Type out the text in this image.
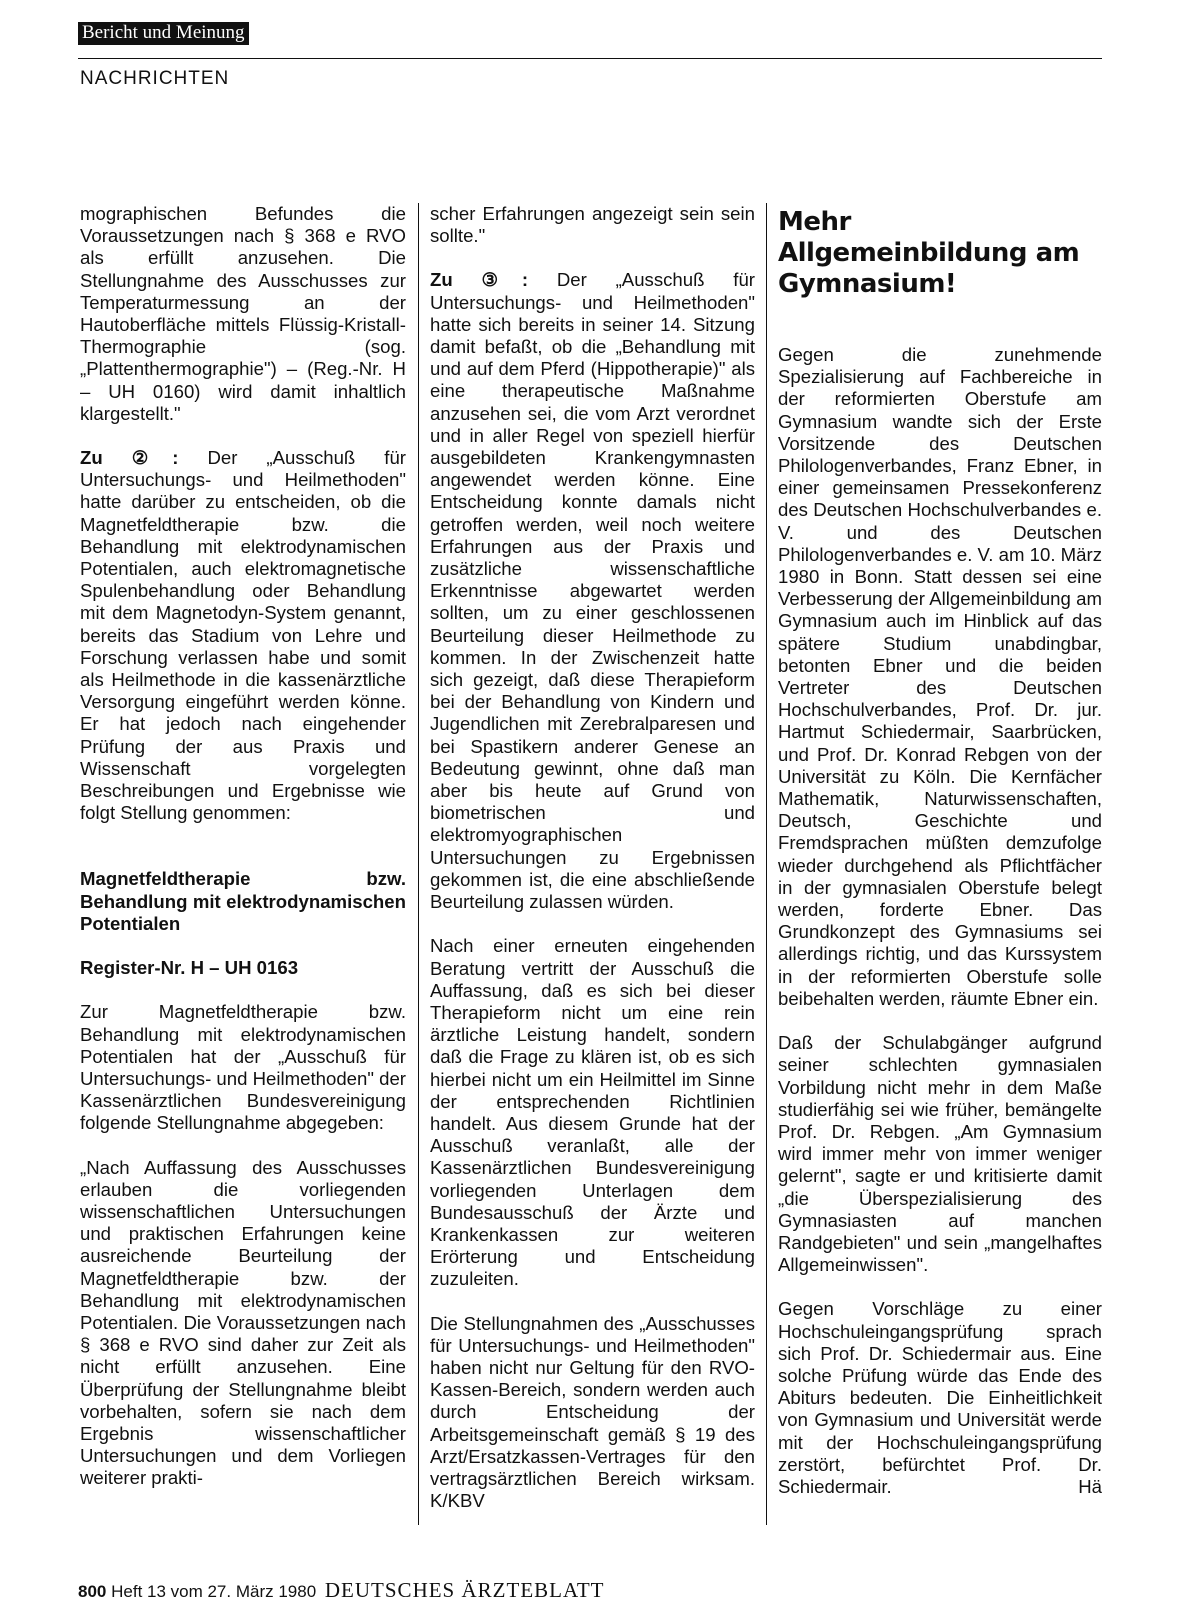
Bericht und Meinung
NACHRICHTEN

mographischen Befundes die Voraussetzungen nach § 368 e RVO als erfüllt anzusehen. Die Stellungnahme des Ausschusses zur Temperaturmessung an der Hautoberfläche mittels Flüssig-Kristall-Thermographie (sog. „Plattenthermographie") – (Reg.-Nr. H – UH 0160) wird damit inhaltlich klargestellt."

Zu ②: Der „Ausschuß für Untersuchungs- und Heilmethoden" hatte darüber zu entscheiden, ob die Magnetfeldtherapie bzw. die Behandlung mit elektrodynamischen Potentialen, auch elektromagnetische Spulenbehandlung oder Behandlung mit dem Magnetodyn-System genannt, bereits das Stadium von Lehre und Forschung verlassen habe und somit als Heilmethode in die kassenärztliche Versorgung eingeführt werden könne. Er hat jedoch nach eingehender Prüfung der aus Praxis und Wissenschaft vorgelegten Beschreibungen und Ergebnisse wie folgt Stellung genommen:

Magnetfeldtherapie bzw. Behandlung mit elektrodynamischen Potentialen

Register-Nr. H – UH 0163

Zur Magnetfeldtherapie bzw. Behandlung mit elektrodynamischen Potentialen hat der „Ausschuß für Untersuchungs- und Heilmethoden" der Kassenärztlichen Bundesvereinigung folgende Stellungnahme abgegeben:

„Nach Auffassung des Ausschusses erlauben die vorliegenden wissenschaftlichen Untersuchungen und praktischen Erfahrungen keine ausreichende Beurteilung der Magnetfeldtherapie bzw. der Behandlung mit elektrodynamischen Potentialen. Die Voraussetzungen nach § 368 e RVO sind daher zur Zeit als nicht erfüllt anzusehen. Eine Überprüfung der Stellungnahme bleibt vorbehalten, sofern sie nach dem Ergebnis wissenschaftlicher Untersuchungen und dem Vorliegen weiterer prakti-

scher Erfahrungen angezeigt sein sein sollte."

Zu ③: Der „Ausschuß für Untersuchungs- und Heilmethoden" hatte sich bereits in seiner 14. Sitzung damit befaßt, ob die „Behandlung mit und auf dem Pferd (Hippotherapie)" als eine therapeutische Maßnahme anzusehen sei, die vom Arzt verordnet und in aller Regel von speziell hierfür ausgebildeten Krankengymnasten angewendet werden könne. Eine Entscheidung konnte damals nicht getroffen werden, weil noch weitere Erfahrungen aus der Praxis und zusätzliche wissenschaftliche Erkenntnisse abgewartet werden sollten, um zu einer geschlossenen Beurteilung dieser Heilmethode zu kommen. In der Zwischenzeit hatte sich gezeigt, daß diese Therapieform bei der Behandlung von Kindern und Jugendlichen mit Zerebralparesen und bei Spastikern anderer Genese an Bedeutung gewinnt, ohne daß man aber bis heute auf Grund von biometrischen und elektromyographischen Untersuchungen zu Ergebnissen gekommen ist, die eine abschließende Beurteilung zulassen würden.

Nach einer erneuten eingehenden Beratung vertritt der Ausschuß die Auffassung, daß es sich bei dieser Therapieform nicht um eine rein ärztliche Leistung handelt, sondern daß die Frage zu klären ist, ob es sich hierbei nicht um ein Heilmittel im Sinne der entsprechenden Richtlinien handelt. Aus diesem Grunde hat der Ausschuß veranlaßt, alle der Kassenärztlichen Bundesvereinigung vorliegenden Unterlagen dem Bundesausschuß der Ärzte und Krankenkassen zur weiteren Erörterung und Entscheidung zuzuleiten.

Die Stellungnahmen des „Ausschusses für Untersuchungs- und Heilmethoden" haben nicht nur Geltung für den RVO-Kassen-Bereich, sondern werden auch durch Entscheidung der Arbeitsgemeinschaft gemäß § 19 des Arzt/Ersatzkassen-Vertrages für den vertragsärztlichen Bereich wirksam. K/KBV

Mehr Allgemeinbildung am Gymnasium!

Gegen die zunehmende Spezialisierung auf Fachbereiche in der reformierten Oberstufe am Gymnasium wandte sich der Erste Vorsitzende des Deutschen Philologenverbandes, Franz Ebner, in einer gemeinsamen Pressekonferenz des Deutschen Hochschulverbandes e. V. und des Deutschen Philologenverbandes e. V. am 10. März 1980 in Bonn. Statt dessen sei eine Verbesserung der Allgemeinbildung am Gymnasium auch im Hinblick auf das spätere Studium unabdingbar, betonten Ebner und die beiden Vertreter des Deutschen Hochschulverbandes, Prof. Dr. jur. Hartmut Schiedermair, Saarbrücken, und Prof. Dr. Konrad Rebgen von der Universität zu Köln. Die Kernfächer Mathematik, Naturwissenschaften, Deutsch, Geschichte und Fremdsprachen müßten demzufolge wieder durchgehend als Pflichtfächer in der gymnasialen Oberstufe belegt werden, forderte Ebner. Das Grundkonzept des Gymnasiums sei allerdings richtig, und das Kurssystem in der reformierten Oberstufe solle beibehalten werden, räumte Ebner ein.

Daß der Schulabgänger aufgrund seiner schlechten gymnasialen Vorbildung nicht mehr in dem Maße studierfähig sei wie früher, bemängelte Prof. Dr. Rebgen. „Am Gymnasium wird immer mehr von immer weniger gelernt", sagte er und kritisierte damit „die Überspezialisierung des Gymnasiasten auf manchen Randgebieten" und sein „mangelhaftes Allgemeinwissen".

Gegen Vorschläge zu einer Hochschuleingangsprüfung sprach sich Prof. Dr. Schiedermair aus. Eine solche Prüfung würde das Ende des Abiturs bedeuten. Die Einheitlichkeit von Gymnasium und Universität werde mit der Hochschuleingangsprüfung zerstört, befürchtet Prof. Dr. Schiedermair.	Hä

800 Heft 13 vom 27. März 1980 DEUTSCHES ÄRZTEBLATT
